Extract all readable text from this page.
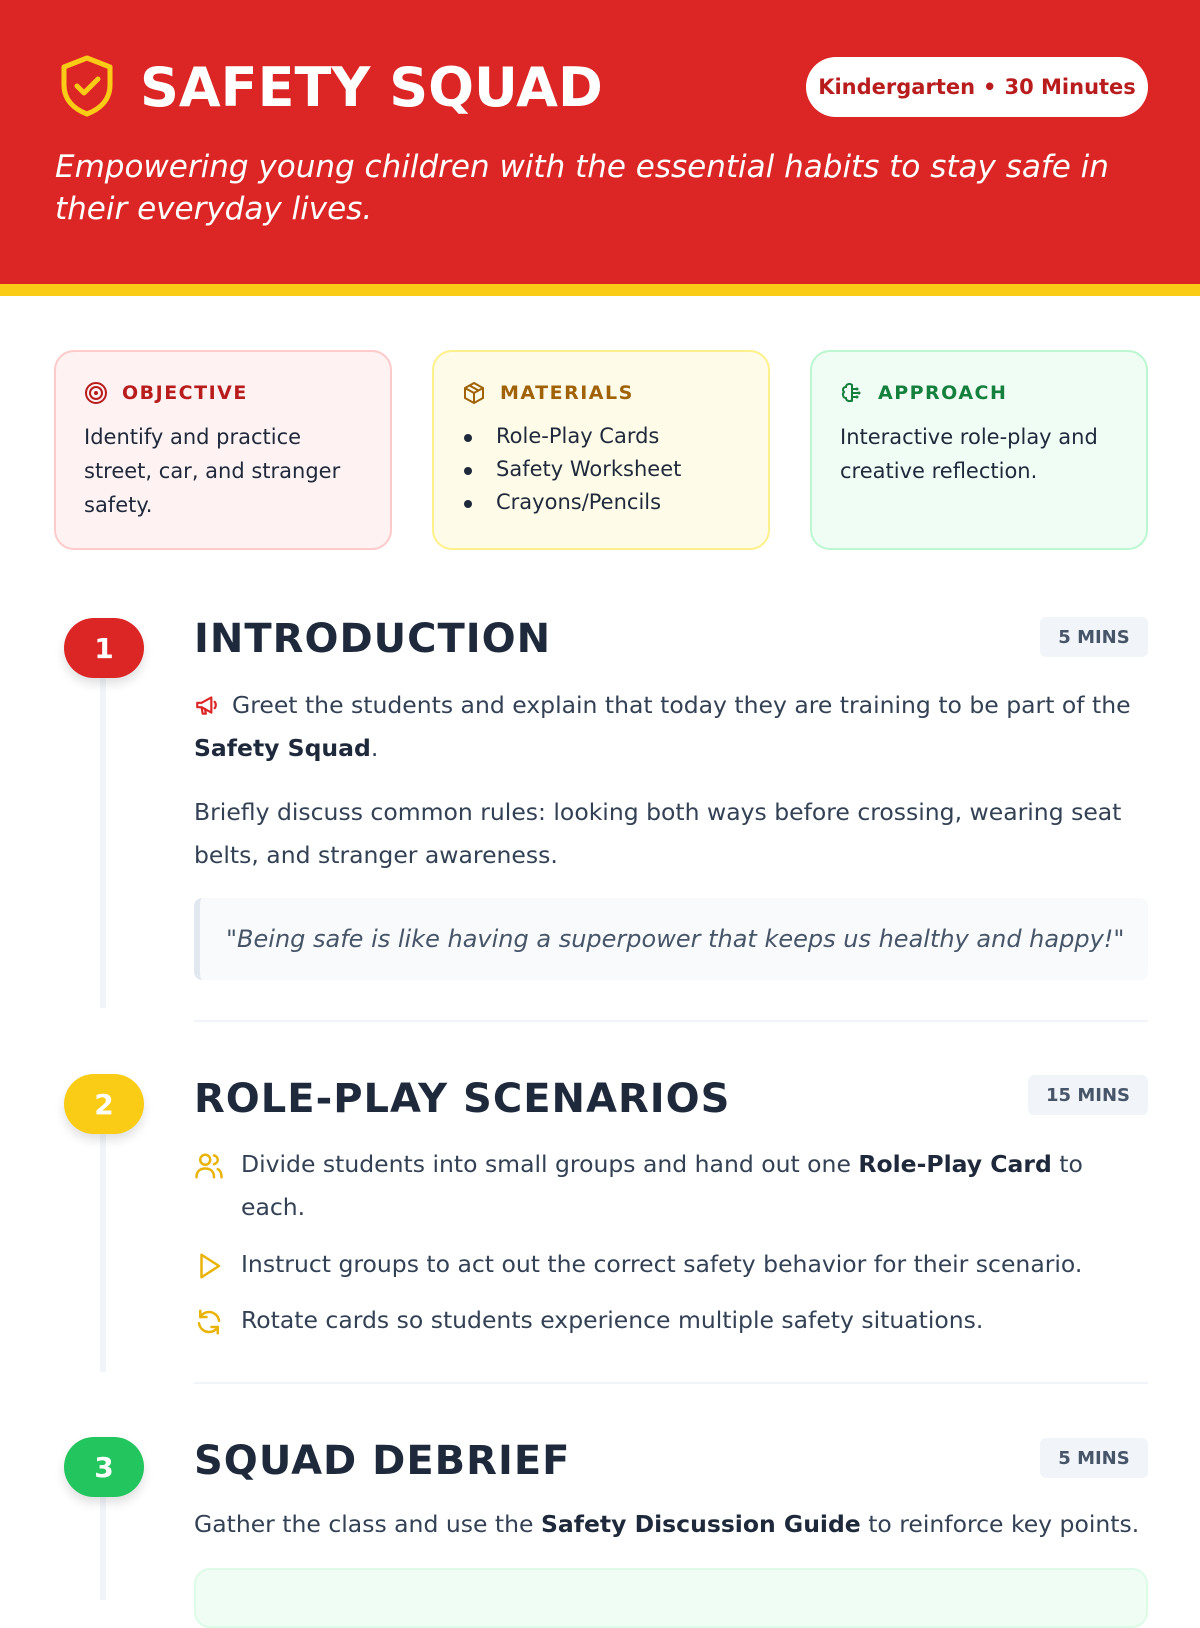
SAFETY SQUAD	Kindergarten • 30 Minutes
Empowering young children with the essential habits to stay safe in their everyday lives.
OBJECTIVE
Identify and practice street, car, and stranger safety.
MATERIALS
Role-Play Cards
Safety Worksheet
Crayons/Pencils
APPROACH
Interactive role-play and creative reflection.
1	INTRODUCTION	5 MINS
Greet the students and explain that today they are training to be part of the Safety Squad.
Briefly discuss common rules: looking both ways before crossing, wearing seat belts, and stranger awareness.
"Being safe is like having a superpower that keeps us healthy and happy!"
2	ROLE-PLAY SCENARIOS	15 MINS
Divide students into small groups and hand out one Role-Play Card to each.
Instruct groups to act out the correct safety behavior for their scenario.
Rotate cards so students experience multiple safety situations.
3	SQUAD DEBRIEF	5 MINS
Gather the class and use the Safety Discussion Guide to reinforce key points.
